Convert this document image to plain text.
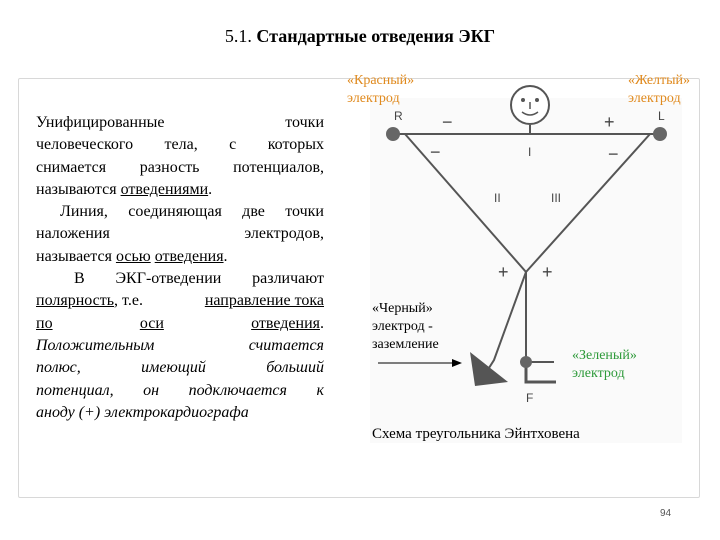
5.1. Стандартные отведения ЭКГ

Унифицированные	точки

человеческого тела, с которых

снимается разность потенциалов,

называются отведениями.

Линия, соединяющая две точки

наложения	электродов,

называется осью отведения.

В ЭКГ-отведении различают

полярность, т.е.	направление тока

по	оси	отведения.

Положительным	считается

полюс,	имеющий	больший

потенциал, он подключается к

аноду (+) электрокардиографа

R	L
F
I
II	III
−	+
−	−
+ +
«Красный»
электрод
«Желтый»
электрод
«Черный»
электрод -
заземление
«Зеленый»
электрод
Схема треугольника Эйнтховена
94
